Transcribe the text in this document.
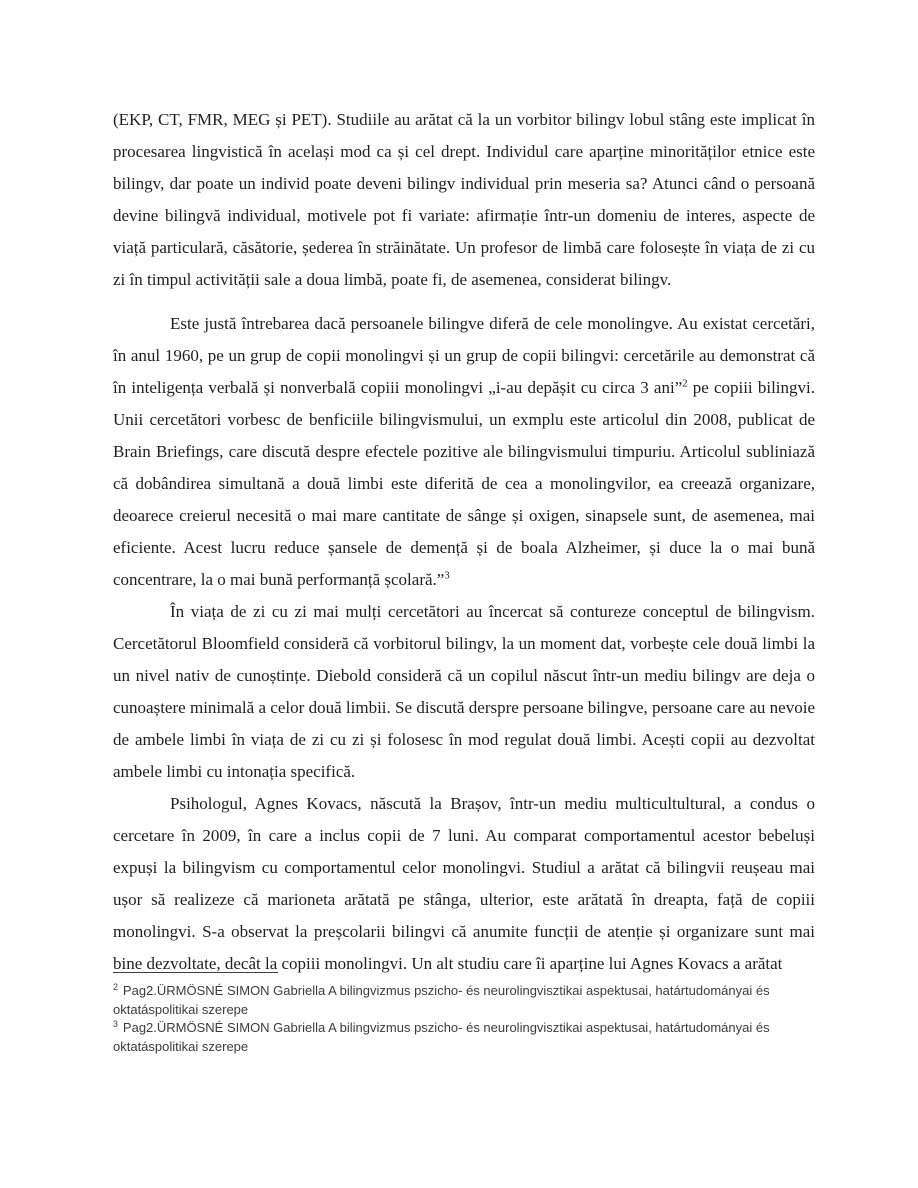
(EKP, CT, FMR, MEG și PET). Studiile au arătat că la un vorbitor bilingv lobul stâng este implicat în procesarea lingvistică în același mod ca și cel drept. Individul care aparține minorităților etnice este bilingv, dar poate un individ poate deveni bilingv individual prin meseria sa? Atunci când o persoană devine bilingvă individual, motivele pot fi variate: afirmație într-un domeniu de interes, aspecte de viață particulară, căsătorie, șederea în străinătate. Un profesor de limbă care folosește în viața de zi cu zi în timpul activității sale a doua limbă, poate fi, de asemenea, considerat bilingv.

Este justă întrebarea dacă persoanele bilingve diferă de cele monolingve. Au existat cercetări, în anul 1960, pe un grup de copii monolingvi și un grup de copii bilingvi: cercetările au demonstrat că în inteligența verbală și nonverbală copiii monolingvi „i-au depășit cu circa 3 ani”$^2$ pe copiii bilingvi. Unii cercetători vorbesc de benficiile bilingvismului, un exmplu este articolul din 2008, publicat de Brain Briefings, care discută despre efectele pozitive ale bilingvismului timpuriu. Articolul subliniază că dobândirea simultană a două limbi este diferită de cea a monolingvilor, ea creează organizare, deoarece creierul necesită o mai mare cantitate de sânge și oxigen, sinapsele sunt, de asemenea, mai eficiente. Acest lucru reduce șansele de demență și de boala Alzheimer, și duce la o mai bună concentrare, la o mai bună performanță școlară.”$^3$

În viața de zi cu zi mai mulți cercetători au încercat să contureze conceptul de bilingvism. Cercetătorul Bloomfield consideră că vorbitorul bilingv, la un moment dat, vorbește cele două limbi la un nivel nativ de cunoștințe. Diebold consideră că un copilul născut într-un mediu bilingv are deja o cunoaștere minimală a celor două limbii. Se discută derspre persoane bilingve, persoane care au nevoie de ambele limbi în viața de zi cu zi și folosesc în mod regulat două limbi. Acești copii au dezvoltat ambele limbi cu intonația specifică.

Psihologul, Agnes Kovacs, născută la Brașov, într-un mediu multicultultural, a condus o cercetare în 2009, în care a inclus copii de 7 luni. Au comparat comportamentul acestor bebeluși expuși la bilingvism cu comportamentul celor monolingvi. Studiul a arătat că bilingvii reușeau mai ușor să realizeze că marioneta arătată pe stânga, ulterior, este arătată în dreapta, față de copiii monolingvi. S-a observat la preșcolarii bilingvi că anumite funcții de atenție și organizare sunt mai bine dezvoltate, decât la copiii monolingvi. Un alt studiu care îi aparține lui Agnes Kovacs a arătat

$^2$ Pag2.ÜRMÖSNÉ SIMON Gabriella A bilingvizmus pszicho- és neurolingvisztikai aspektusai, határtudományai és oktatáspolitikai szerepe

$^3$ Pag2.ÜRMÖSNÉ SIMON Gabriella A bilingvizmus pszicho- és neurolingvisztikai aspektusai, határtudományai és oktatáspolitikai szerepe
